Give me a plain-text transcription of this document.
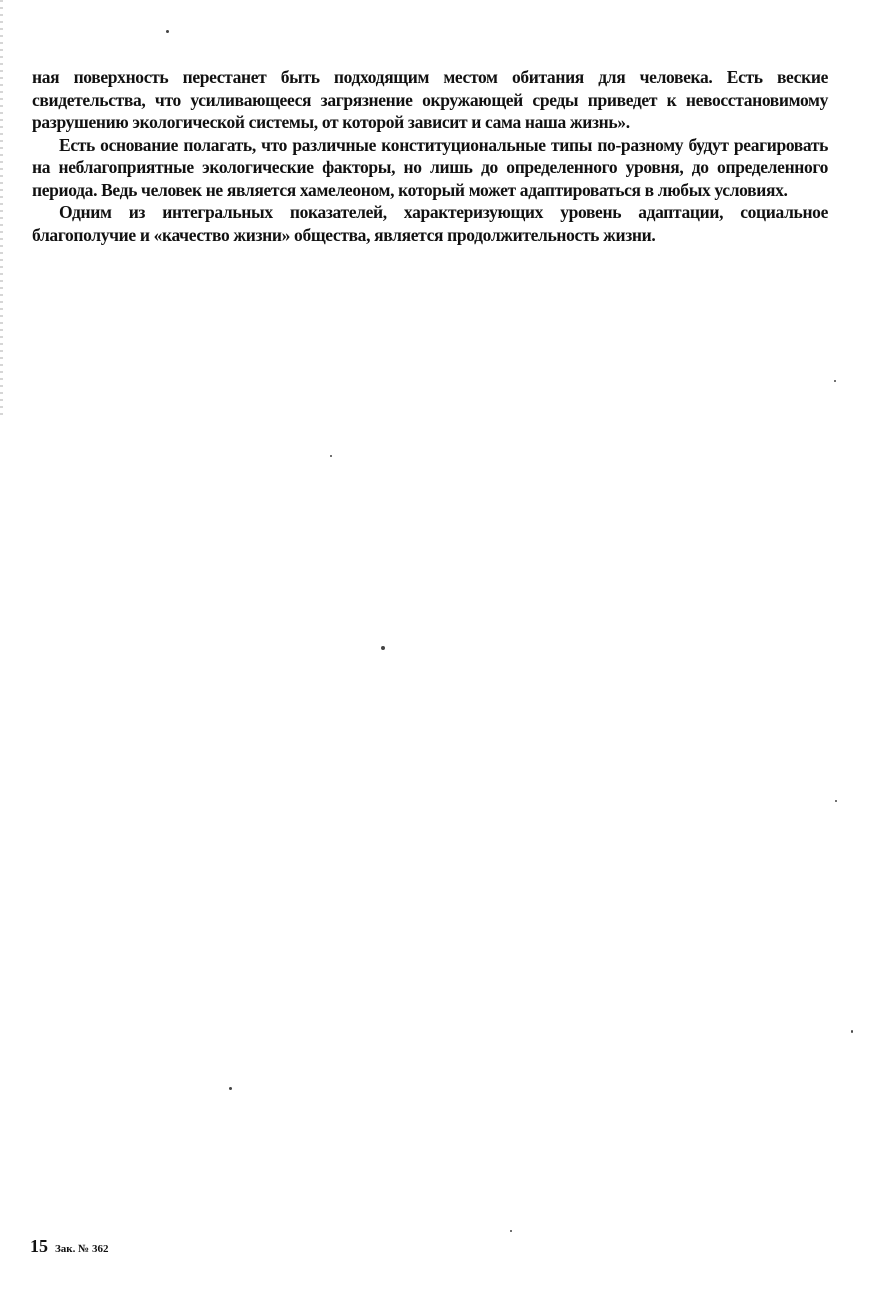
ная поверхность перестанет быть подходящим местом обитания для человека. Есть веские свидетельства, что усиливающееся загрязнение окружающей среды приведет к невосстановимому разрушению экологической системы, от которой зависит и сама наша жизнь».

Есть основание полагать, что различные конституциональные типы по-разному будут реагировать на неблагоприятные экологические факторы, но лишь до определенного уровня, до определенного периода. Ведь человек не является хамелеоном, который может адаптироваться в любых условиях.

Одним из интегральных показателей, характеризующих уровень адаптации, социальное благополучие и «качество жизни» общества, является продолжительность жизни.

15 Зак. № 362
